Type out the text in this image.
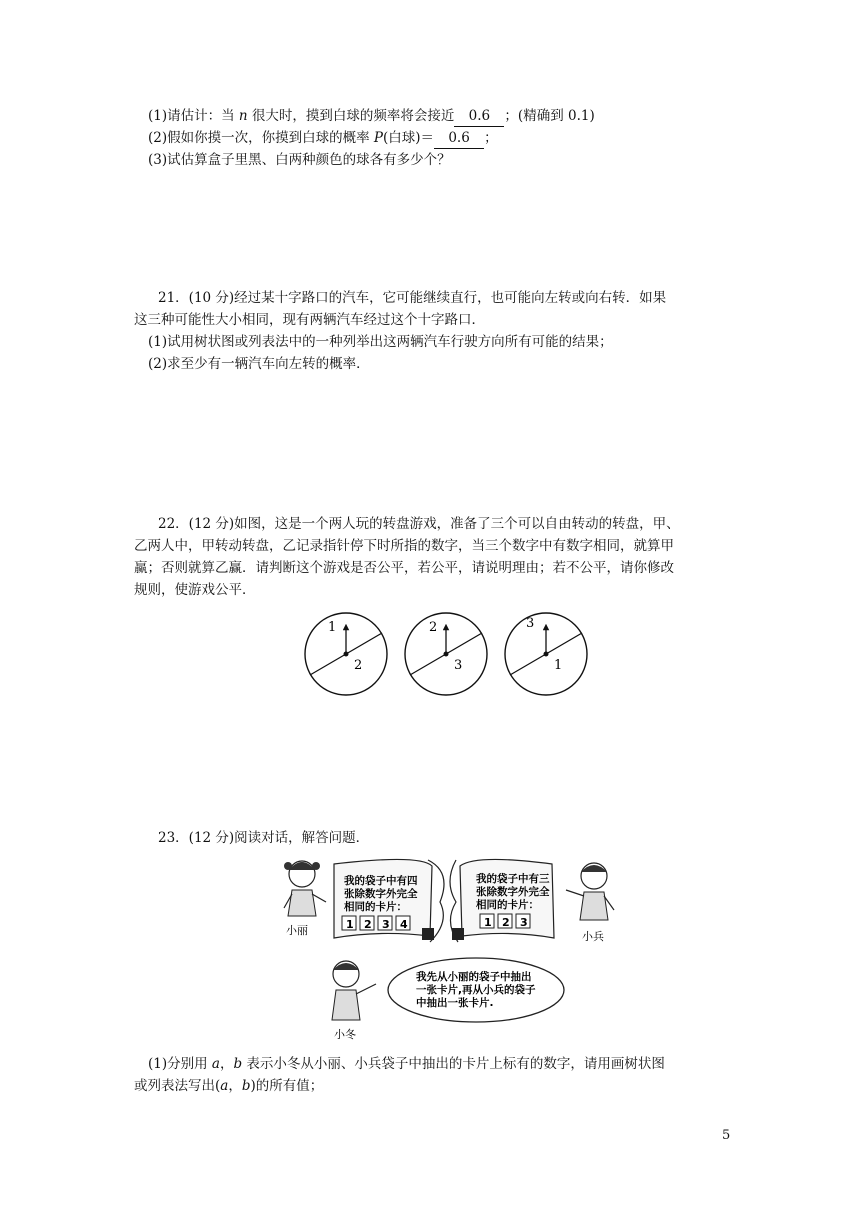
(1)请估计：当 n 很大时，摸到白球的频率将会接近 0.6 ；(精确到 0.1)
(2)假如你摸一次，你摸到白球的概率 P(白球)＝ 0.6 ；
(3)试估算盒子里黑、白两种颜色的球各有多少个？
21．(10 分)经过某十字路口的汽车，它可能继续直行，也可能向左转或向右转．如果
这三种可能性大小相同，现有两辆汽车经过这个十字路口．
(1)试用树状图或列表法中的一种列举出这两辆汽车行驶方向所有可能的结果；
(2)求至少有一辆汽车向左转的概率．
22．(12 分)如图，这是一个两人玩的转盘游戏，准备了三个可以自由转动的转盘，甲、
乙两人中，甲转动转盘，乙记录指针停下时所指的数字，当三个数字中有数字相同，就算甲
赢；否则就算乙赢．请判断这个游戏是否公平，若公平，请说明理由；若不公平，请你修改
规则，使游戏公平．
1
2
2
3
3
1
23．(12 分)阅读对话，解答问题．
小丽
我的袋子中有四
张除数字外完全
相同的卡片：
1 2 3 4
我的袋子中有三
张除数字外完全
相同的卡片：
1 2 3
小兵
小冬
我先从小丽的袋子中抽出
一张卡片,再从小兵的袋子
中抽出一张卡片.
(1)分别用 a，b 表示小冬从小丽、小兵袋子中抽出的卡片上标有的数字，请用画树状图
或列表法写出(a，b)的所有值；
5
